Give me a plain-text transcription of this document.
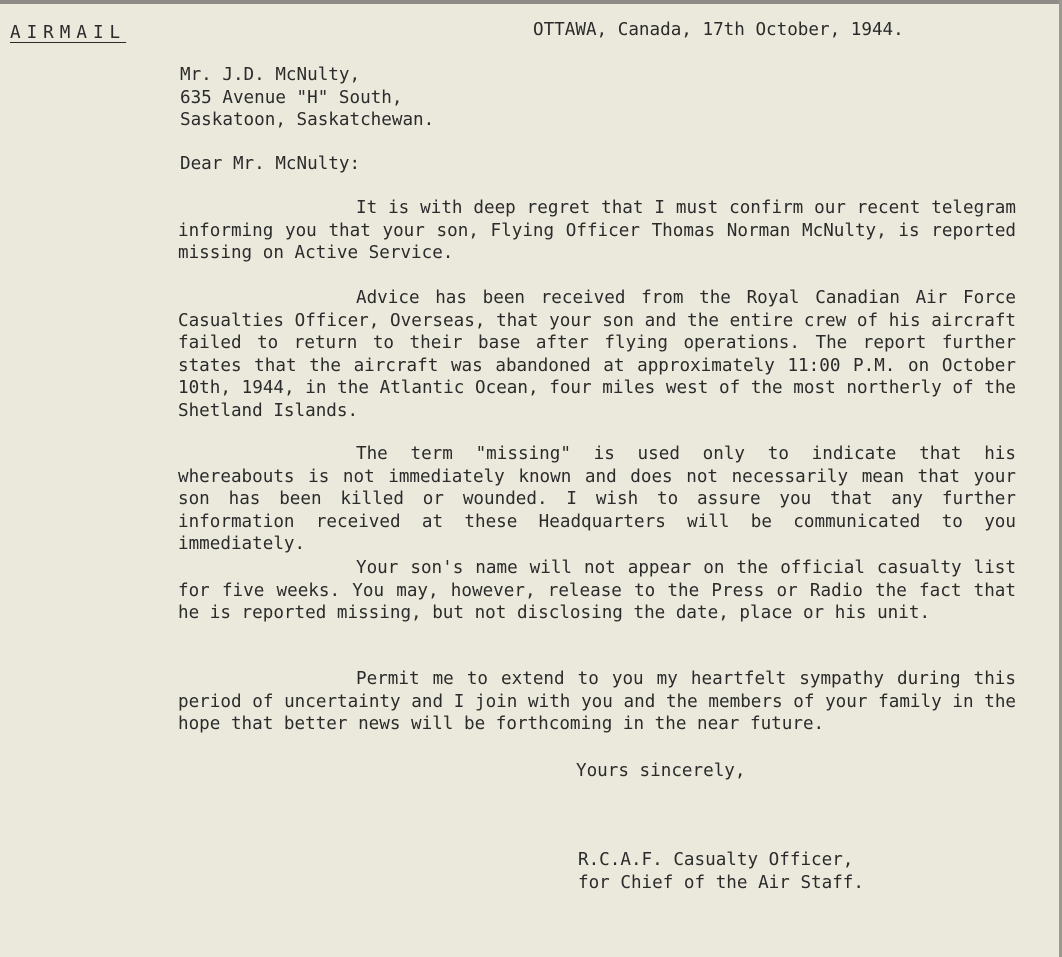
AIRMAIL	OTTAWA, Canada, 17th October, 1944.
Mr. J.D. McNulty,
635 Avenue "H" South,
Saskatoon, Saskatchewan.
Dear Mr. McNulty:

It is with deep regret that I must confirm our recent telegram informing you that your son, Flying Officer Thomas Norman McNulty, is reported missing on Active Service.

Advice has been received from the Royal Canadian Air Force Casualties Officer, Overseas, that your son and the entire crew of his aircraft failed to return to their base after flying operations. The report further states that the aircraft was abandoned at approximately 11:00 P.M. on October 10th, 1944, in the Atlantic Ocean, four miles west of the most northerly of the Shetland Islands.

The term "missing" is used only to indicate that his whereabouts is not immediately known and does not necessarily mean that your son has been killed or wounded. I wish to assure you that any further information received at these Headquarters will be communicated to you immediately.

Your son's name will not appear on the official casualty list for five weeks. You may, however, release to the Press or Radio the fact that he is reported missing, but not disclosing the date, place or his unit.

Permit me to extend to you my heartfelt sympathy during this period of uncertainty and I join with you and the members of your family in the hope that better news will be forthcoming in the near future.

Yours sincerely,
R.C.A.F. Casualty Officer,
for Chief of the Air Staff.
